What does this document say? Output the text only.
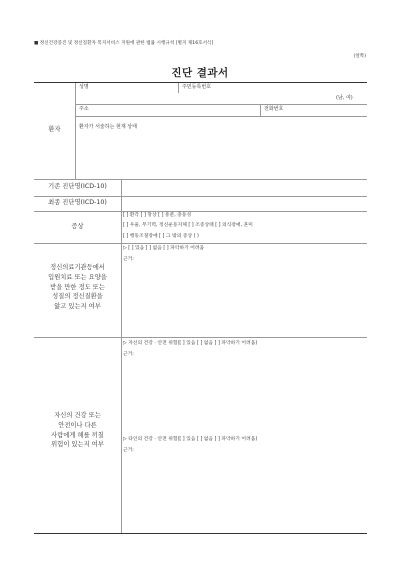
■ 정신건강증진 및 정신질환자 복지서비스 지원에 관한 법률 시행규칙 [별지 제16호서식]
(앞쪽)
진단 결과서
환자
성명	주민등록번호
(남, 여)
주소	전화번호
환자가 서술하는 현재 상태
기존 진단명(ICD-10)
최종 진단명(ICD-10)
증상
[ ] 환각 [ ] 망상 [ ] 흥분, 충동성
[ ] 우울, 무기력, 정신운동지체 [ ] 조증상태 [ ] 의식장애, 혼미
[ ] 행동조절장애 [ ] 그 밖의 증상 ( )
정신의료기관등에서
입원치료 또는 요양을
받을 만한 정도 또는
성질의 정신질환을
앓고 있는지 여부
▷ [ ] 있음 [ ] 없음 [ ] 파악하기 어려움
근거:
자신의 건강 또는
안전이나 다른
사람에게 해를 끼칠
위험이 있는지 여부
▷ 자신의 건강 · 안전 위험([ ] 있음 [ ] 없음 [ ] 파악하기 어려움)
근거:
▷ 타인의 건강 · 안전 위험([ ] 있음 [ ] 없음 [ ] 파악하기 어려움)
근거:
